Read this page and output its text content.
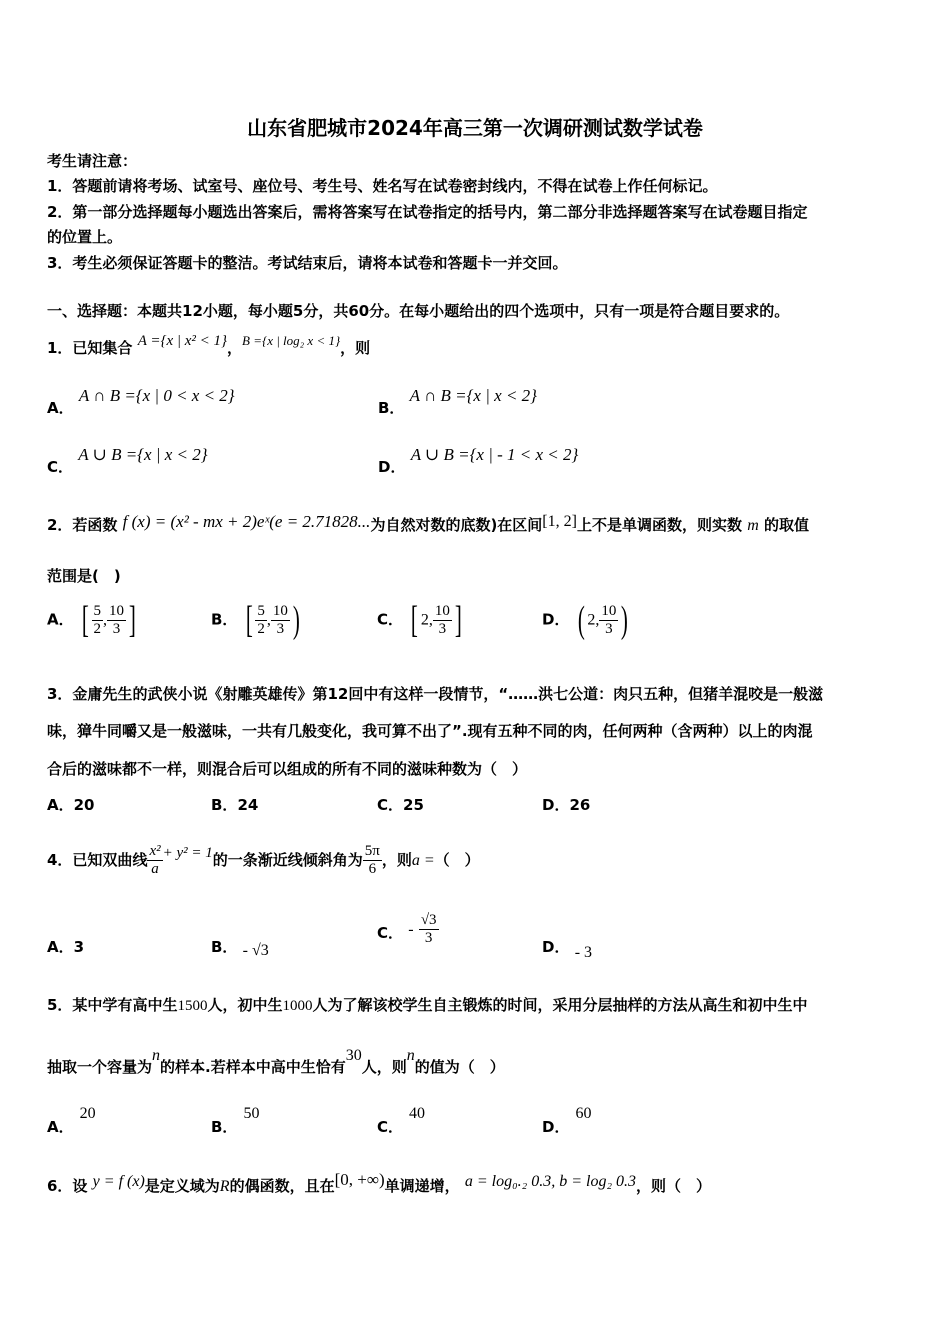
山东省肥城市2024年高三第一次调研测试数学试卷
考生请注意：
1．答题前请将考场、试室号、座位号、考生号、姓名写在试卷密封线内，不得在试卷上作任何标记。
2．第一部分选择题每小题选出答案后，需将答案写在试卷指定的括号内，第二部分非选择题答案写在试卷题目指定
的位置上。
3．考生必须保证答题卡的整洁。考试结束后，请将本试卷和答题卡一并交回。
一、选择题：本题共12小题，每小题5分，共60分。在每小题给出的四个选项中，只有一项是符合题目要求的。
1．已知集合 A ={x | x² < 1}，B ={x | log₂ x < 1}，则
A． A ∩ B ={x | 0 < x < 2}
B． A ∩ B ={x | x < 2}
C． A ∪ B ={x | x < 2}
D． A ∪ B ={x | - 1 < x < 2}
2．若函数 f (x) = (x² - mx + 2)eˣ(e = 2.71828...为自然对数的底数)在区间[1, 2]上不是单调函数，则实数 m 的取值
范围是(　)
A． [ $\frac{5}{2}$ , $\frac{10}{3}$ ]	B． [ $\frac{5}{2}$ , $\frac{10}{3}$ )	C． [ 2, $\frac{10}{3}$ ]	D． ( 2, $\frac{10}{3}$ )
3．金庸先生的武侠小说《射雕英雄传》第12回中有这样一段情节，“……洪七公道：肉只五种，但猪羊混咬是一般滋
味，獐牛同嚼又是一般滋味，一共有几般变化，我可算不出了”.现有五种不同的肉，任何两种（含两种）以上的肉混
合后的滋味都不一样，则混合后可以组成的所有不同的滋味种数为（　）
A．20	B．24	C．25	D．26
4．已知双曲线 $\frac{\text{x²}}{a} + y^2 = 1$的一条渐近线倾斜角为 $\frac{5\pi}{6}$ ，则a =（　）
A．3	B． - √3
C． - $\frac{√3}{3}$	D． - 3
5．某中学有高中生1500人，初中生1000人为了解该校学生自主锻炼的时间，采用分层抽样的方法从高生和初中生中
抽取一个容量为n的样本.若样本中高中生恰有30人，则n的值为（　）
A．20
B．50
C．40
D．60
6．设 y = f (x)是定义域为R的偶函数，且在[0, +∞)单调递增， a = log₀.₂ 0.3, b = log₂ 0.3，则（　）
